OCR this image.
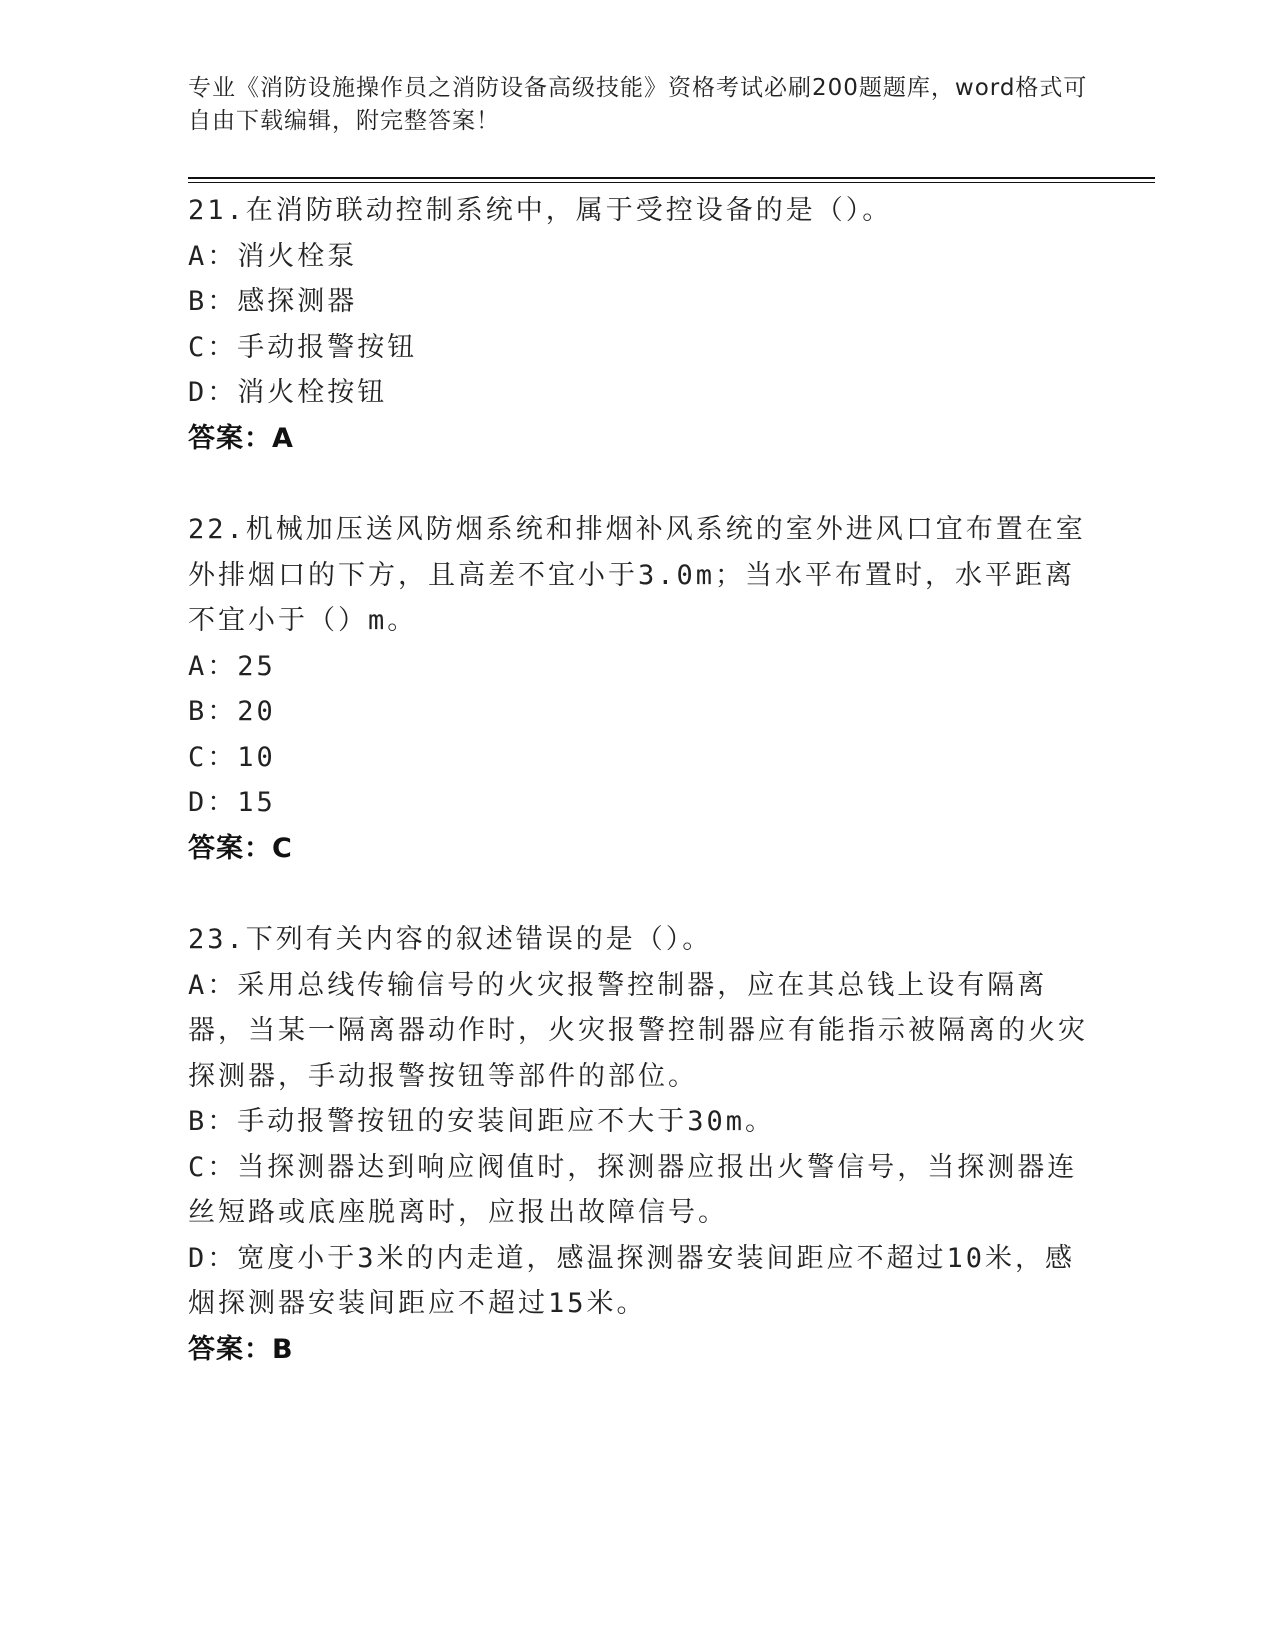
专业《消防设施操作员之消防设备高级技能》资格考试必刷200题题库，word格式可自由下载编辑，附完整答案！
21.在消防联动控制系统中，属于受控设备的是（）。
A：消火栓泵
B：感探测器
C：手动报警按钮
D：消火栓按钮
答案：A
22.机械加压送风防烟系统和排烟补风系统的室外进风口宜布置在室外排烟口的下方，且高差不宜小于3.0m；当水平布置时，水平距离不宜小于（）m。
A：25
B：20
C：10
D：15
答案：C
23.下列有关内容的叙述错误的是（）。
A：采用总线传输信号的火灾报警控制器，应在其总钱上设有隔离器，当某一隔离器动作时，火灾报警控制器应有能指示被隔离的火灾探测器，手动报警按钮等部件的部位。
B：手动报警按钮的安装间距应不大于30m。
C：当探测器达到响应阀值时，探测器应报出火警信号，当探测器连丝短路或底座脱离时，应报出故障信号。
D：宽度小于3米的内走道，感温探测器安装间距应不超过10米，感烟探测器安装间距应不超过15米。
答案：B
